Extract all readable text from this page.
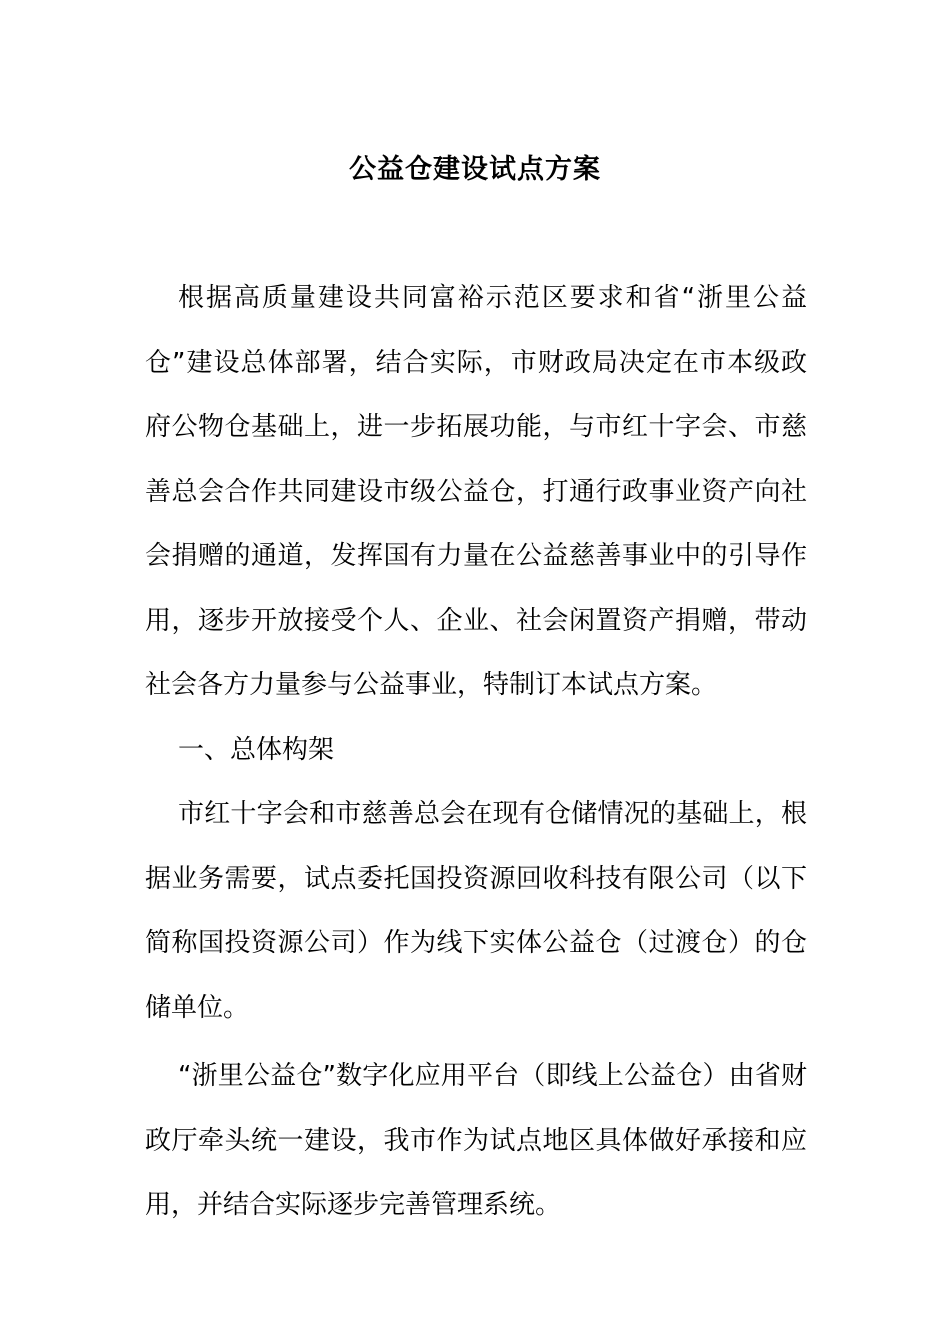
公益仓建设试点方案

根据高质量建设共同富裕示范区要求和省“浙里公益仓”建设总体部署，结合实际，市财政局决定在市本级政府公物仓基础上，进一步拓展功能，与市红十字会、市慈善总会合作共同建设市级公益仓，打通行政事业资产向社会捐赠的通道，发挥国有力量在公益慈善事业中的引导作用，逐步开放接受个人、企业、社会闲置资产捐赠，带动社会各方力量参与公益事业，特制订本试点方案。

一、总体构架

市红十字会和市慈善总会在现有仓储情况的基础上，根据业务需要，试点委托国投资源回收科技有限公司（以下简称国投资源公司）作为线下实体公益仓（过渡仓）的仓储单位。

“浙里公益仓”数字化应用平台（即线上公益仓）由省财政厅牵头统一建设，我市作为试点地区具体做好承接和应用，并结合实际逐步完善管理系统。
